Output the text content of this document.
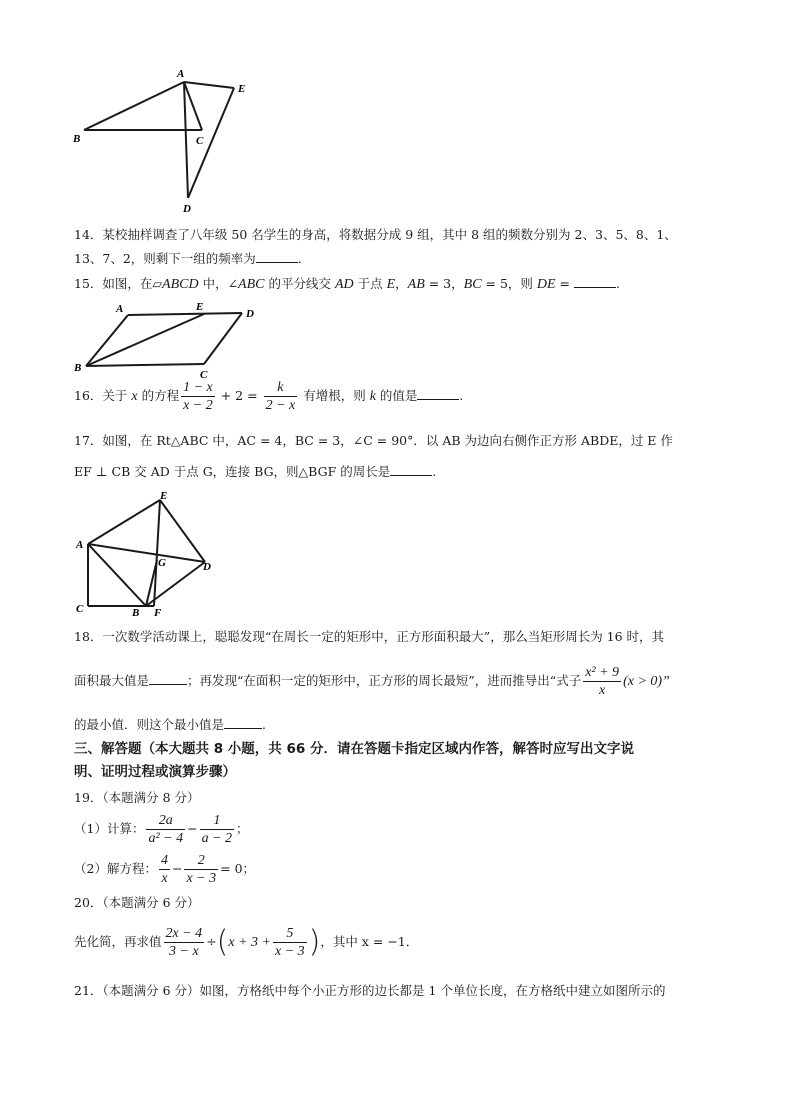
A
E
B	C
D
14．某校抽样调查了八年级 50 名学生的身高，将数据分成 9 组，其中 8 组的频数分别为 2、3、5、8、1、
13、7、2，则剩下一组的频率为	.
15．如图，在▱ABCD 中，∠ABC 的平分线交 AD 于点 E，AB = 3，BC = 5，则 DE =	.
A	E
D
B
C
16．关于 x 的方程 $\frac{1 - x}{x - 2} + 2 = \frac{k}{2 - x}$ 有增根，则 k 的值是	.
17．如图，在 Rt△ABC 中，AC = 4，BC = 3，∠C = 90°．以 AB 为边向右侧作正方形 ABDE，过 E 作
EF ⊥ CB 交 AD 于点 G，连接 BG，则△BGF 的周长是	.
E
A
G	D
C	B F
18．一次数学活动课上，聪聪发现“在周长一定的矩形中，正方形面积最大”，那么当矩形周长为 16 时，其
面积最大值是	；再发现“在面积一定的矩形中，正方形的周长最短”，进而推导出“式子 $\frac{\text{x² + 9}}{x} (x > 0)$”
的最小值．则这个最小值是	.
三、解答题（本大题共 8 小题，共 66 分．请在答题卡指定区域内作答，解答时应写出文字说
明、证明过程或演算步骤）
19．（本题满分 8 分）
（1）计算： $\frac{2a}{\text{a² − 4}} - \frac{1}{a - 2}$ ；
（2）解方程： $\frac{4}{x} - \frac{2}{x - 3} = 0$；
20．（本题满分 6 分）
先化简，再求值 $\frac{2x - 4}{3 - x} \div(x + 3 + \frac{5}{x - 3}$ )，其中 x = −1．
21．（本题满分 6 分）如图，方格纸中每个小正方形的边长都是 1 个单位长度，在方格纸中建立如图所示的
